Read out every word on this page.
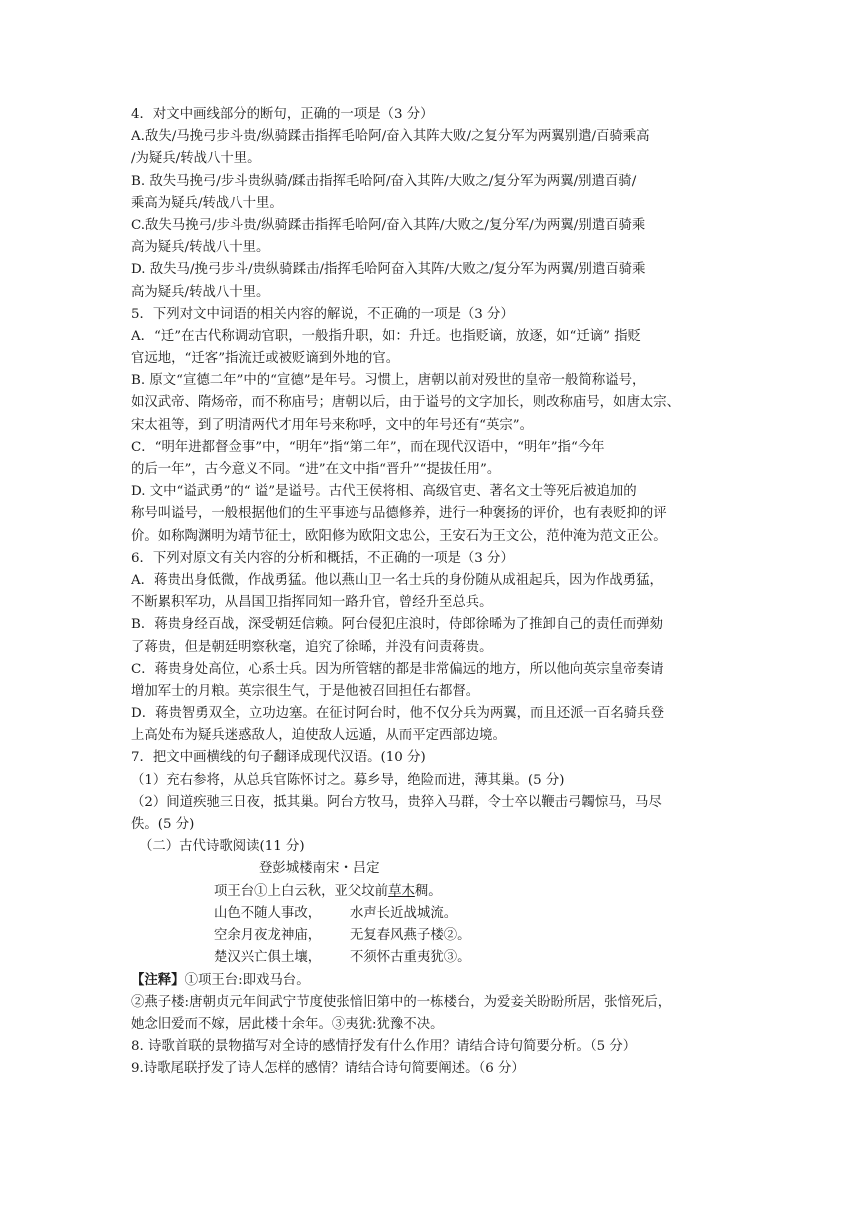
4．对文中画线部分的断句，正确的一项是（3 分）
A.敌失/马挽弓步斗贵/纵骑蹂击指挥毛哈阿/奋入其阵大败/之复分军为两翼别遣/百骑乘高
/为疑兵/转战八十里。
B. 敌失马挽弓/步斗贵纵骑/蹂击指挥毛哈阿/奋入其阵/大败之/复分军为两翼/别遣百骑/
乘高为疑兵/转战八十里。
C.敌失马挽弓/步斗贵/纵骑蹂击指挥毛哈阿/奋入其阵/大败之/复分军/为两翼/别遣百骑乘
高为疑兵/转战八十里。
D. 敌失马/挽弓步斗/贵纵骑蹂击/指挥毛哈阿奋入其阵/大败之/复分军为两翼/别遣百骑乘
高为疑兵/转战八十里。
5．下列对文中词语的相关内容的解说，不正确的一项是（3 分）
A．“迁”在古代称调动官职，一般指升职，如：升迁。也指贬谪，放逐，如“迁谪” 指贬
官远地，“迁客”指流迁或被贬谪到外地的官。
B. 原文“宣德二年”中的“宣德”是年号。习惯上，唐朝以前对殁世的皇帝一般简称谥号，
如汉武帝、隋炀帝，而不称庙号；唐朝以后，由于谥号的文字加长，则改称庙号，如唐太宗、
宋太祖等，到了明清两代才用年号来称呼，文中的年号还有“英宗”。
C．“明年进都督佥事”中，“明年”指“第二年”，而在现代汉语中，“明年”指“今年
的后一年”，古今意义不同。“进”在文中指“晋升”“提拔任用”。
D. 文中“谥武勇”的“ 谥”是谥号。古代王侯将相、高级官吏、著名文士等死后被追加的
称号叫谥号，一般根据他们的生平事迹与品德修养，进行一种褒扬的评价，也有表贬抑的评
价。如称陶渊明为靖节征士，欧阳修为欧阳文忠公，王安石为王文公，范仲淹为范文正公。
6．下列对原文有关内容的分析和概括，不正确的一项是（3 分）
A．蒋贵出身低微，作战勇猛。他以燕山卫一名士兵的身份随从成祖起兵，因为作战勇猛，
不断累积军功，从昌国卫指挥同知一路升官，曾经升至总兵。
B．蒋贵身经百战，深受朝廷信赖。阿台侵犯庄浪时，侍郎徐晞为了推卸自己的责任而弹劾
了蒋贵，但是朝廷明察秋毫，追究了徐晞，并没有问责蒋贵。
C．蒋贵身处高位，心系士兵。因为所管辖的都是非常偏远的地方，所以他向英宗皇帝奏请
增加军士的月粮。英宗很生气，于是他被召回担任右都督。
D．蒋贵智勇双全，立功边塞。在征讨阿台时，他不仅分兵为两翼，而且还派一百名骑兵登
上高处布为疑兵迷惑敌人，迫使敌人远遁，从而平定西部边境。
7．把文中画横线的句子翻译成现代汉语。(10 分)
（1）充右参将，从总兵官陈怀讨之。募乡导，绝险而进，薄其巢。(5 分)
（2）间道疾驰三日夜，抵其巢。阿台方牧马，贵猝入马群，令士卒以鞭击弓韣惊马，马尽
佚。(5 分)
（二）古代诗歌阅读(11 分)
登彭城楼南宋・吕定
项王台①上白云秋，亚父坟前草木稠。
山色不随人事改，	水声长近战城流。
空余月夜龙神庙，	无复春风燕子楼②。
楚汉兴亡俱土壤，	不须怀古重夷犹③。
【注释】①项王台:即戏马台。
②燕子楼:唐朝贞元年间武宁节度使张愔旧第中的一栋楼台，为爱妾关盼盼所居，张愔死后，
她念旧爱而不嫁，居此楼十余年。③夷犹:犹豫不决。
8. 诗歌首联的景物描写对全诗的感情抒发有什么作用？请结合诗句简要分析。（5 分）
9.诗歌尾联抒发了诗人怎样的感情？请结合诗句简要阐述。（6 分）
